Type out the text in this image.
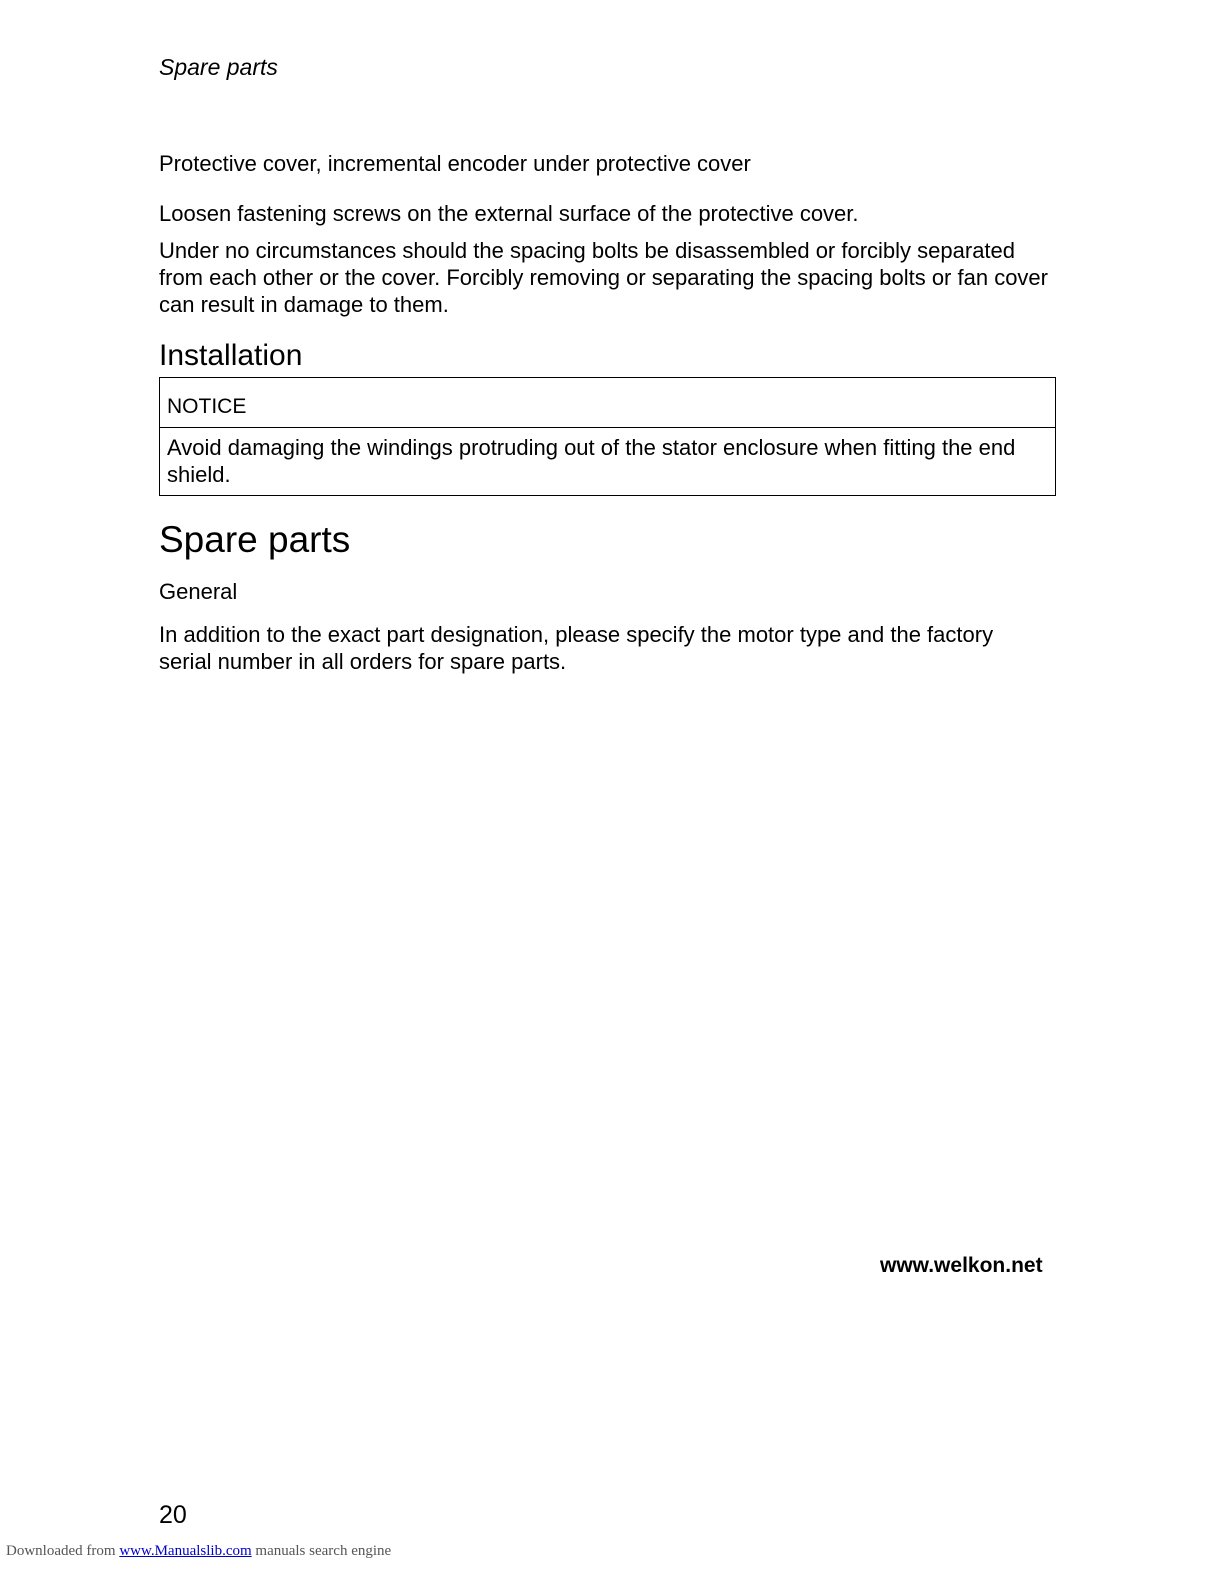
Spare parts
Protective cover, incremental encoder under protective cover

Loosen fastening screws on the external surface of the protective cover.

Under no circumstances should the spacing bolts be disassembled or forcibly separated from each other or the cover. Forcibly removing or separating the spacing bolts or fan cover can result in damage to them.

Installation
NOTICE
Avoid damaging the windings protruding out of the stator enclosure when fitting the end shield.
Spare parts
General

In addition to the exact part designation, please specify the motor type and the factory serial number in all orders for spare parts.

www.welkon.net
20
Downloaded from www.Manualslib.com manuals search engine
